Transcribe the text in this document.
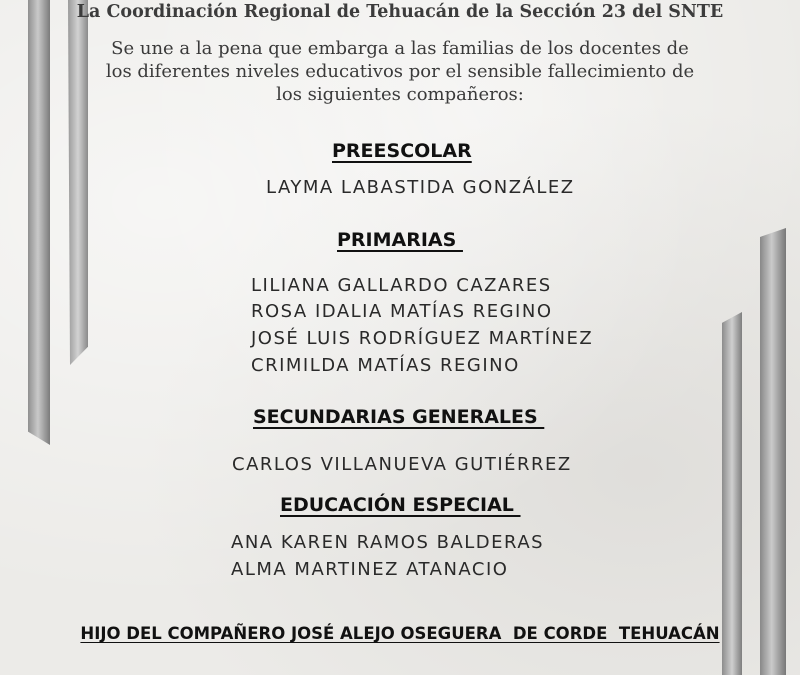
La Coordinación Regional de Tehuacán de la Sección 23 del SNTE
Se une a la pena que embarga a las familias de los docentes de los diferentes niveles educativos por el sensible fallecimiento de los siguientes compañeros:
PREESCOLAR
LAYMA LABASTIDA GONZÁLEZ
PRIMARIAS
LILIANA GALLARDO CAZARES
ROSA IDALIA MATÍAS REGINO
JOSÉ LUIS RODRÍGUEZ MARTÍNEZ
CRIMILDA MATÍAS REGINO
SECUNDARIAS GENERALES
CARLOS VILLANUEVA GUTIÉRREZ
EDUCACIÓN ESPECIAL
ANA KAREN RAMOS BALDERAS
ALMA MARTINEZ ATANACIO
HIJO DEL COMPAÑERO JOSÉ ALEJO OSEGUERA  DE CORDE  TEHUACÁN
